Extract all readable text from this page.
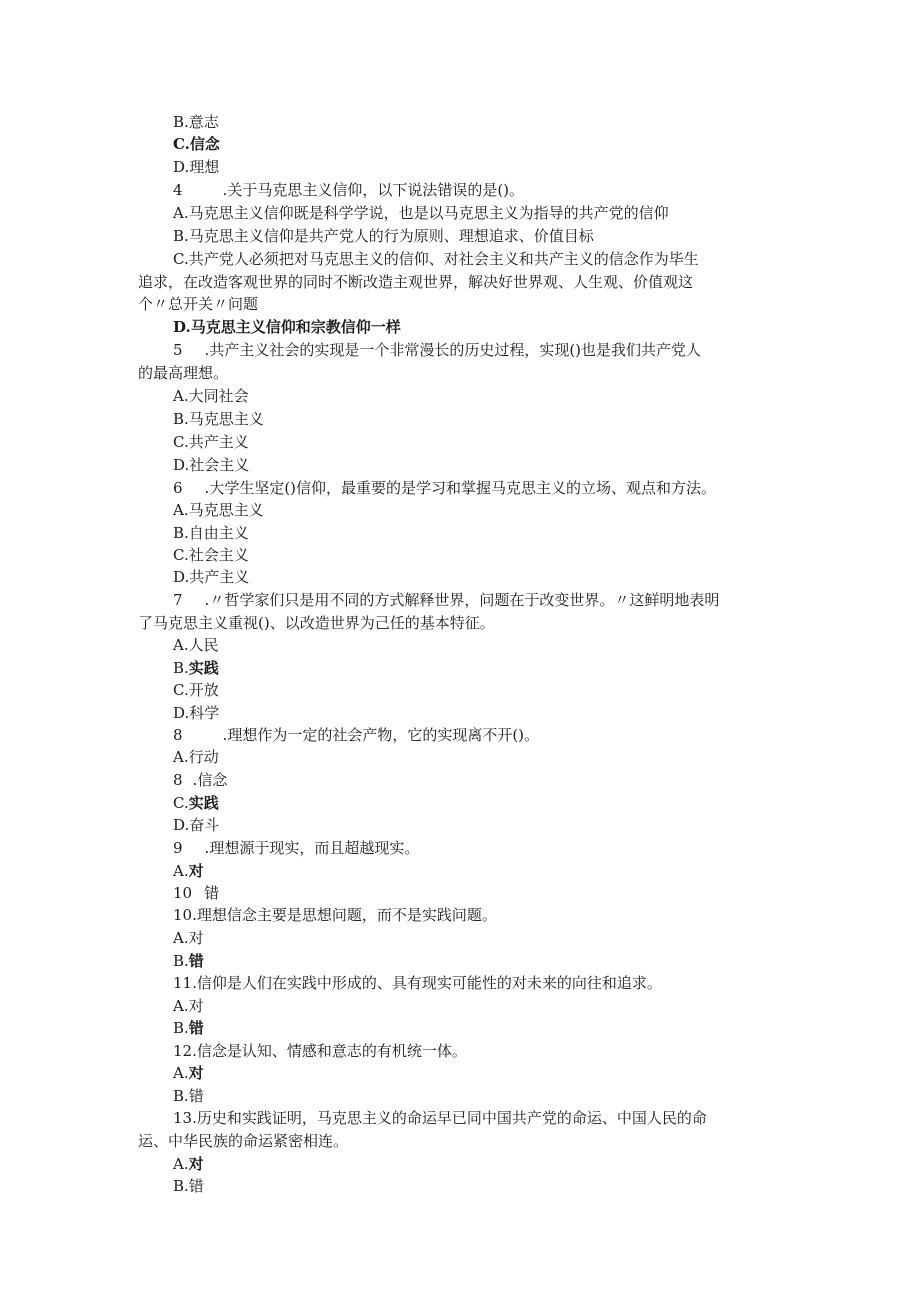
B.意志
C.信念
D.理想
4	.关于马克思主义信仰，以下说法错误的是()。
A.马克思主义信仰既是科学学说，也是以马克思主义为指导的共产党的信仰
B.马克思主义信仰是共产党人的行为原则、理想追求、价值目标
C.共产党人必须把对马克思主义的信仰、对社会主义和共产主义的信念作为毕生
追求，在改造客观世界的同时不断改造主观世界，解决好世界观、人生观、价值观这
个〃总开关〃问题
D.马克思主义信仰和宗教信仰一样
5 .共产主义社会的实现是一个非常漫长的历史过程，实现()也是我们共产党人
的最高理想。
A.大同社会
B.马克思主义
C.共产主义
D.社会主义
6 .大学生坚定()信仰，最重要的是学习和掌握马克思主义的立场、观点和方法。
A.马克思主义
B.自由主义
C.社会主义
D.共产主义
7 .〃哲学家们只是用不同的方式解释世界，问题在于改变世界。〃这鲜明地表明
了马克思主义重视()、以改造世界为己任的基本特征。
A.人民
B.实践
C.开放
D.科学
8	.理想作为一定的社会产物，它的实现离不开()。
A.行动
8 .信念
C.实践
D.奋斗
9 .理想源于现实，而且超越现实。
A.对
10 错
10.理想信念主要是思想问题，而不是实践问题。
A.对
B.错
11.信仰是人们在实践中形成的、具有现实可能性的对未来的向往和追求。
A.对
B.错
12.信念是认知、情感和意志的有机统一体。
A.对
B.错
13.历史和实践证明，马克思主义的命运早已同中国共产党的命运、中国人民的命
运、中华民族的命运紧密相连。
A.对
B.错
